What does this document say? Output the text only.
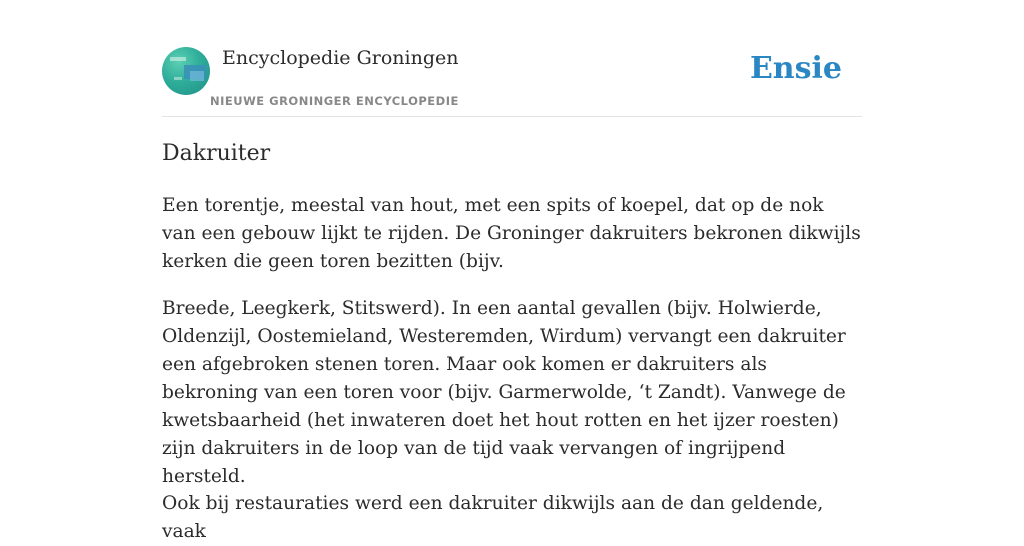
Encyclopedie Groningen
NIEUWE GRONINGER ENCYCLOPEDIE
Ensie
Dakruiter

Een torentje, meestal van hout, met een spits of koepel, dat op de nok van een gebouw lijkt te rijden. De Groninger dakruiters bekronen dikwijls kerken die geen toren bezitten (bijv.

Breede, Leegkerk, Stitswerd). In een aantal gevallen (bijv. Holwierde, Oldenzijl, Oostemieland, Westeremden, Wirdum) vervangt een dakruiter een afgebroken stenen toren. Maar ook komen er dakruiters als bekroning van een toren voor (bijv. Garmerwolde, ‘t Zandt). Vanwege de kwetsbaarheid (het inwateren doet het hout rotten en het ijzer roesten) zijn dakruiters in de loop van de tijd vaak vervangen of ingrijpend hersteld.

Ook bij restauraties werd een dakruiter dikwijls aan de dan geldende, vaak
